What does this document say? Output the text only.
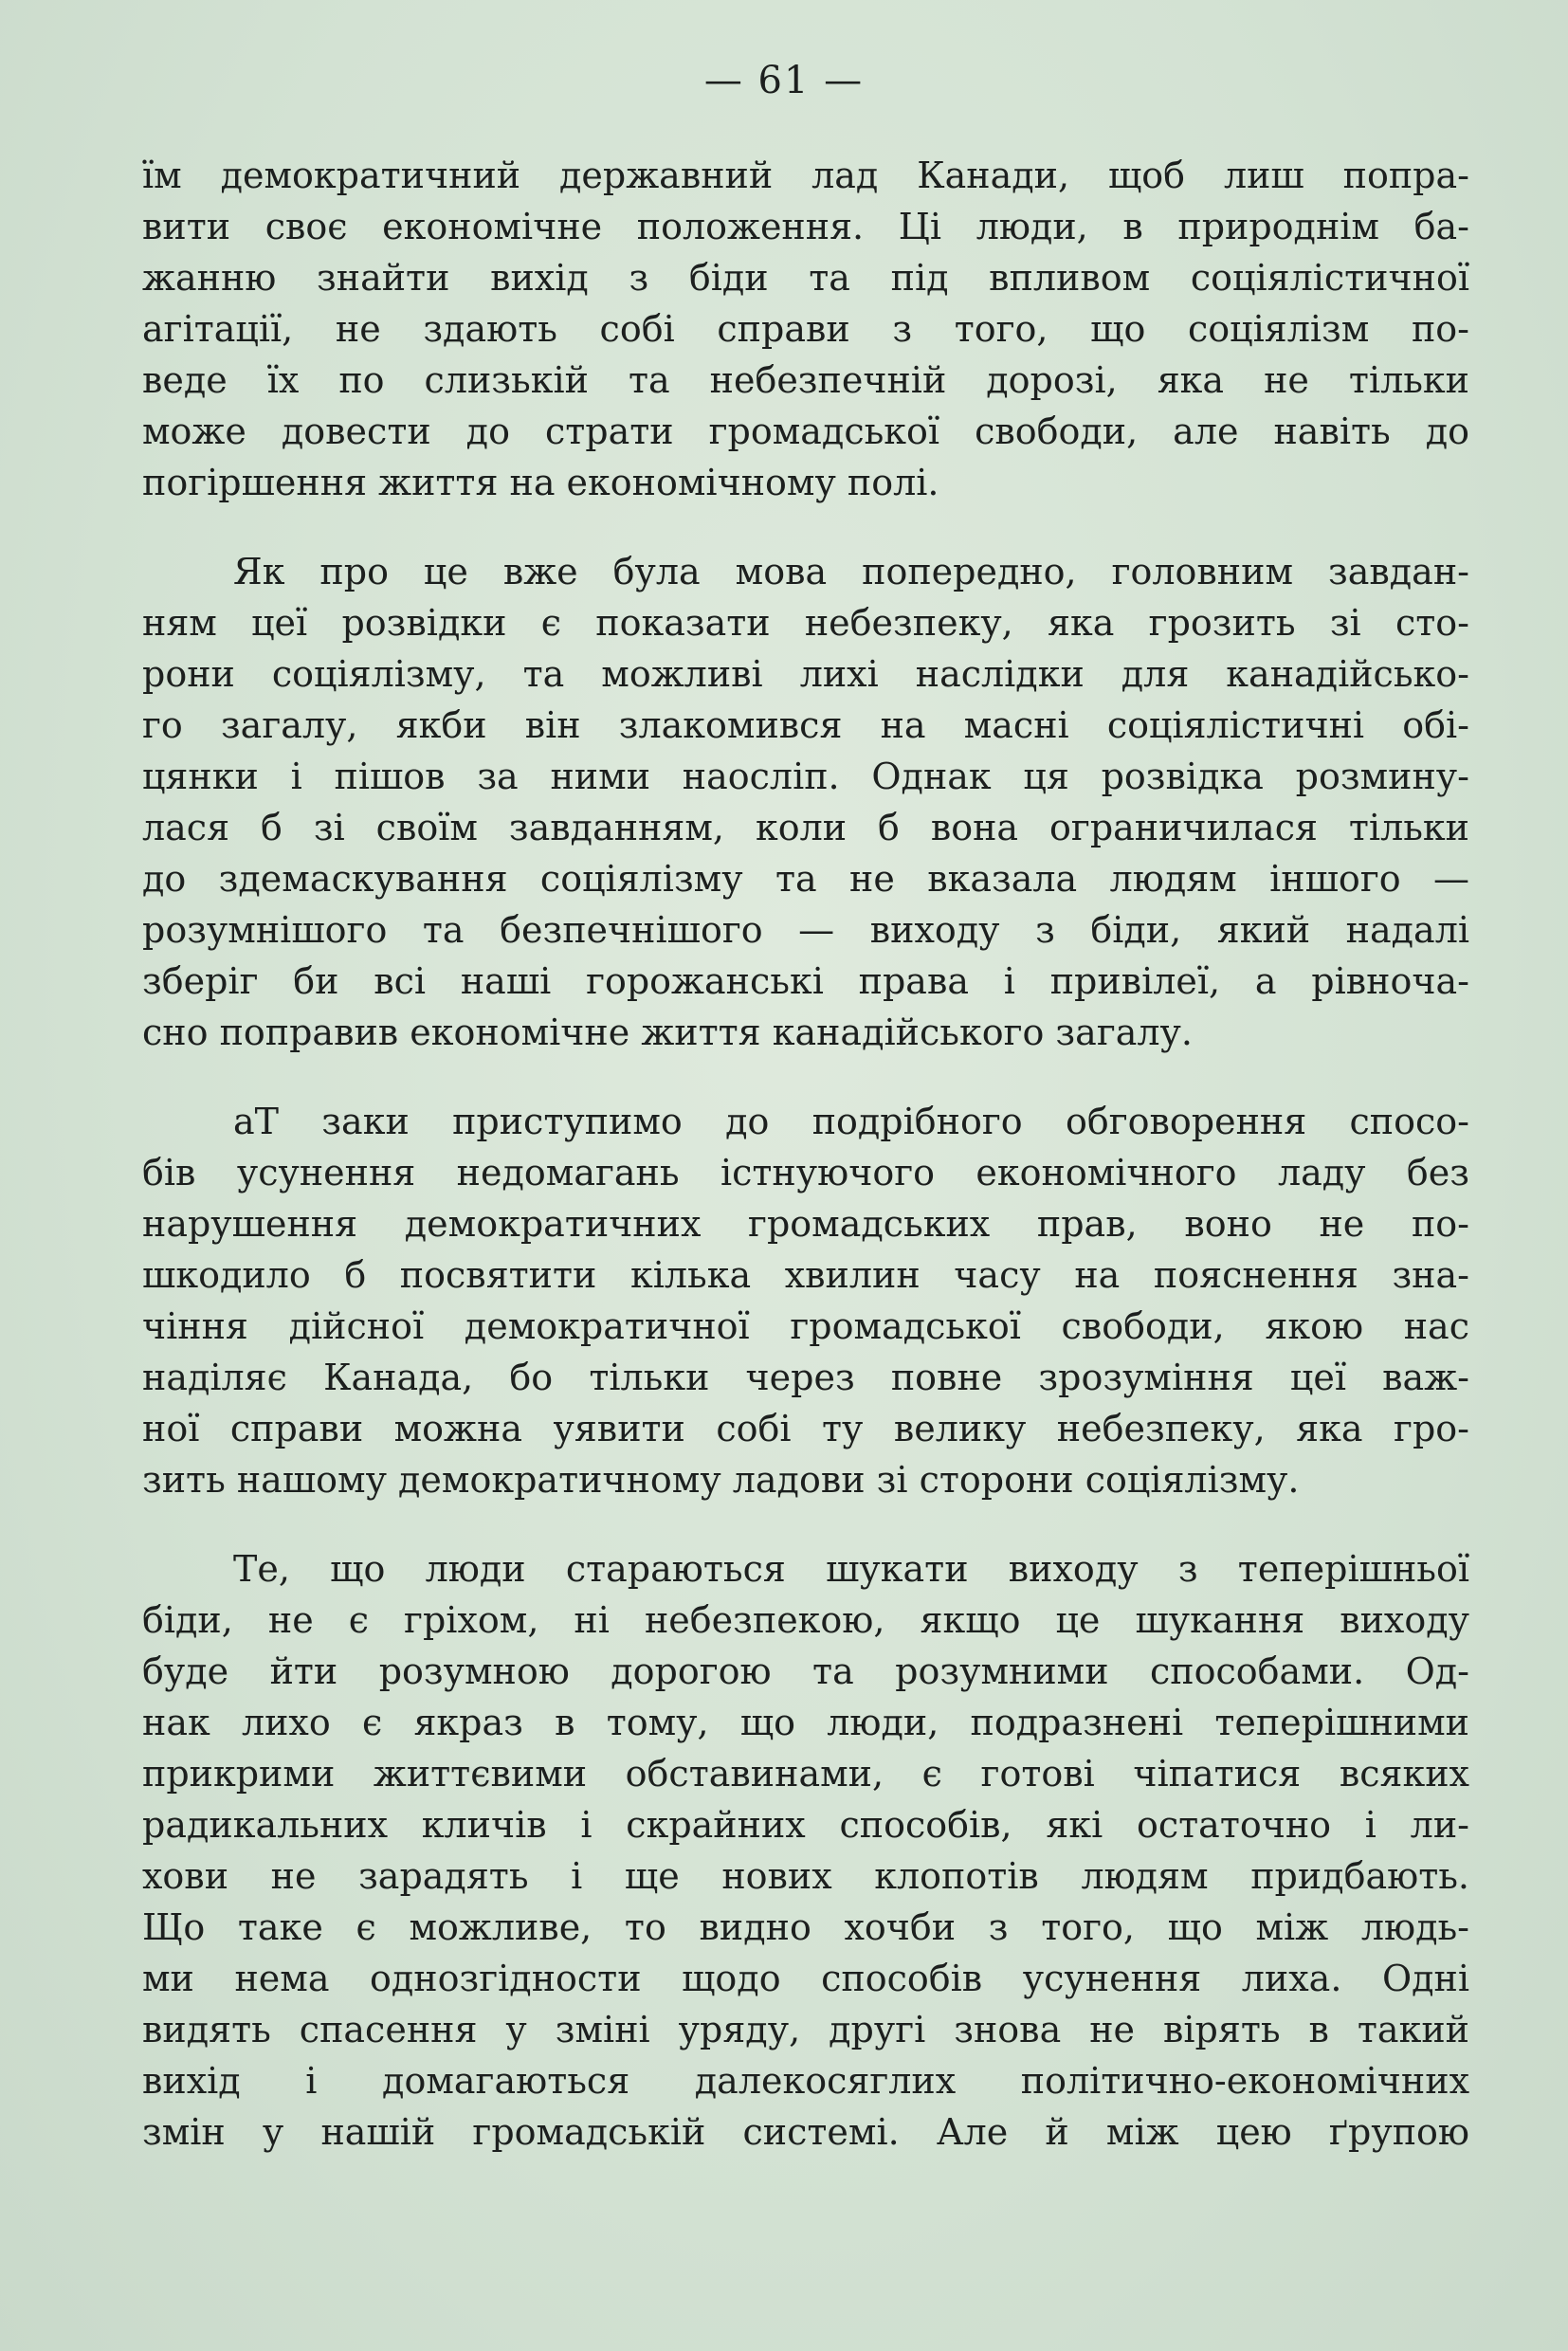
— 61 —
їм демократичний державний лад Канади, щоб лиш попра-
вити своє економічне положення. Ці люди, в природнім ба-
жанню знайти вихід з біди та під впливом соціялістичної
агітації, не здають собі справи з того, що соціялізм по-
веде їх по слизькій та небезпечній дорозі, яка не тільки
може довести до страти громадської свободи, але навіть до
погіршення життя на економічному полі.
Як про це вже була мова попередно, головним завдан-
ням цеї розвідки є показати небезпеку, яка грозить зі сто-
рони соціялізму, та можливі лихі наслідки для канадійсько-
го загалу, якби він злакомився на масні соціялістичні обі-
цянки і пішов за ними наосліп. Однак ця розвідка розмину-
лася б зі своїм завданням, коли б вона ограничилася тільки
до здемаскування соціялізму та не вказала людям іншого —
розумнішого та безпечнішого — виходу з біди, який надалі
зберіг би всі наші горожанські права і привілеї, а рівноча-
сно поправив економічне життя канадійського загалу.
аТ заки приступимо до подрібного обговорення спосо-
бів усунення недомагань істнуючого економічного ладу без
нарушення демократичних громадських прав, воно не по-
шкодило б посвятити кілька хвилин часу на пояснення зна-
чіння дійсної демократичної громадської свободи, якою нас
наділяє Канада, бо тільки через повне зрозуміння цеї важ-
ної справи можна уявити собі ту велику небезпеку, яка гро-
зить нашому демократичному ладови зі сторони соціялізму.
Те, що люди стараються шукати виходу з теперішньої
біди, не є гріхом, ні небезпекою, якщо це шукання виходу
буде йти розумною дорогою та розумними способами. Од-
нак лихо є якраз в тому, що люди, подразнені теперішними
прикрими життєвими обставинами, є готові чіпатися всяких
радикальних кличів і скрайних способів, які остаточно і ли-
хови не зарадять і ще нових клопотів людям придбають.
Що таке є можливе, то видно хочби з того, що між людь-
ми нема однозгідности щодо способів усунення лиха. Одні
видять спасення у зміні уряду, другі знова не вірять в такий
вихід і домагаються далекосяглих політично-економічних
змін у нашій громадській системі. Але й між цею ґрупою
